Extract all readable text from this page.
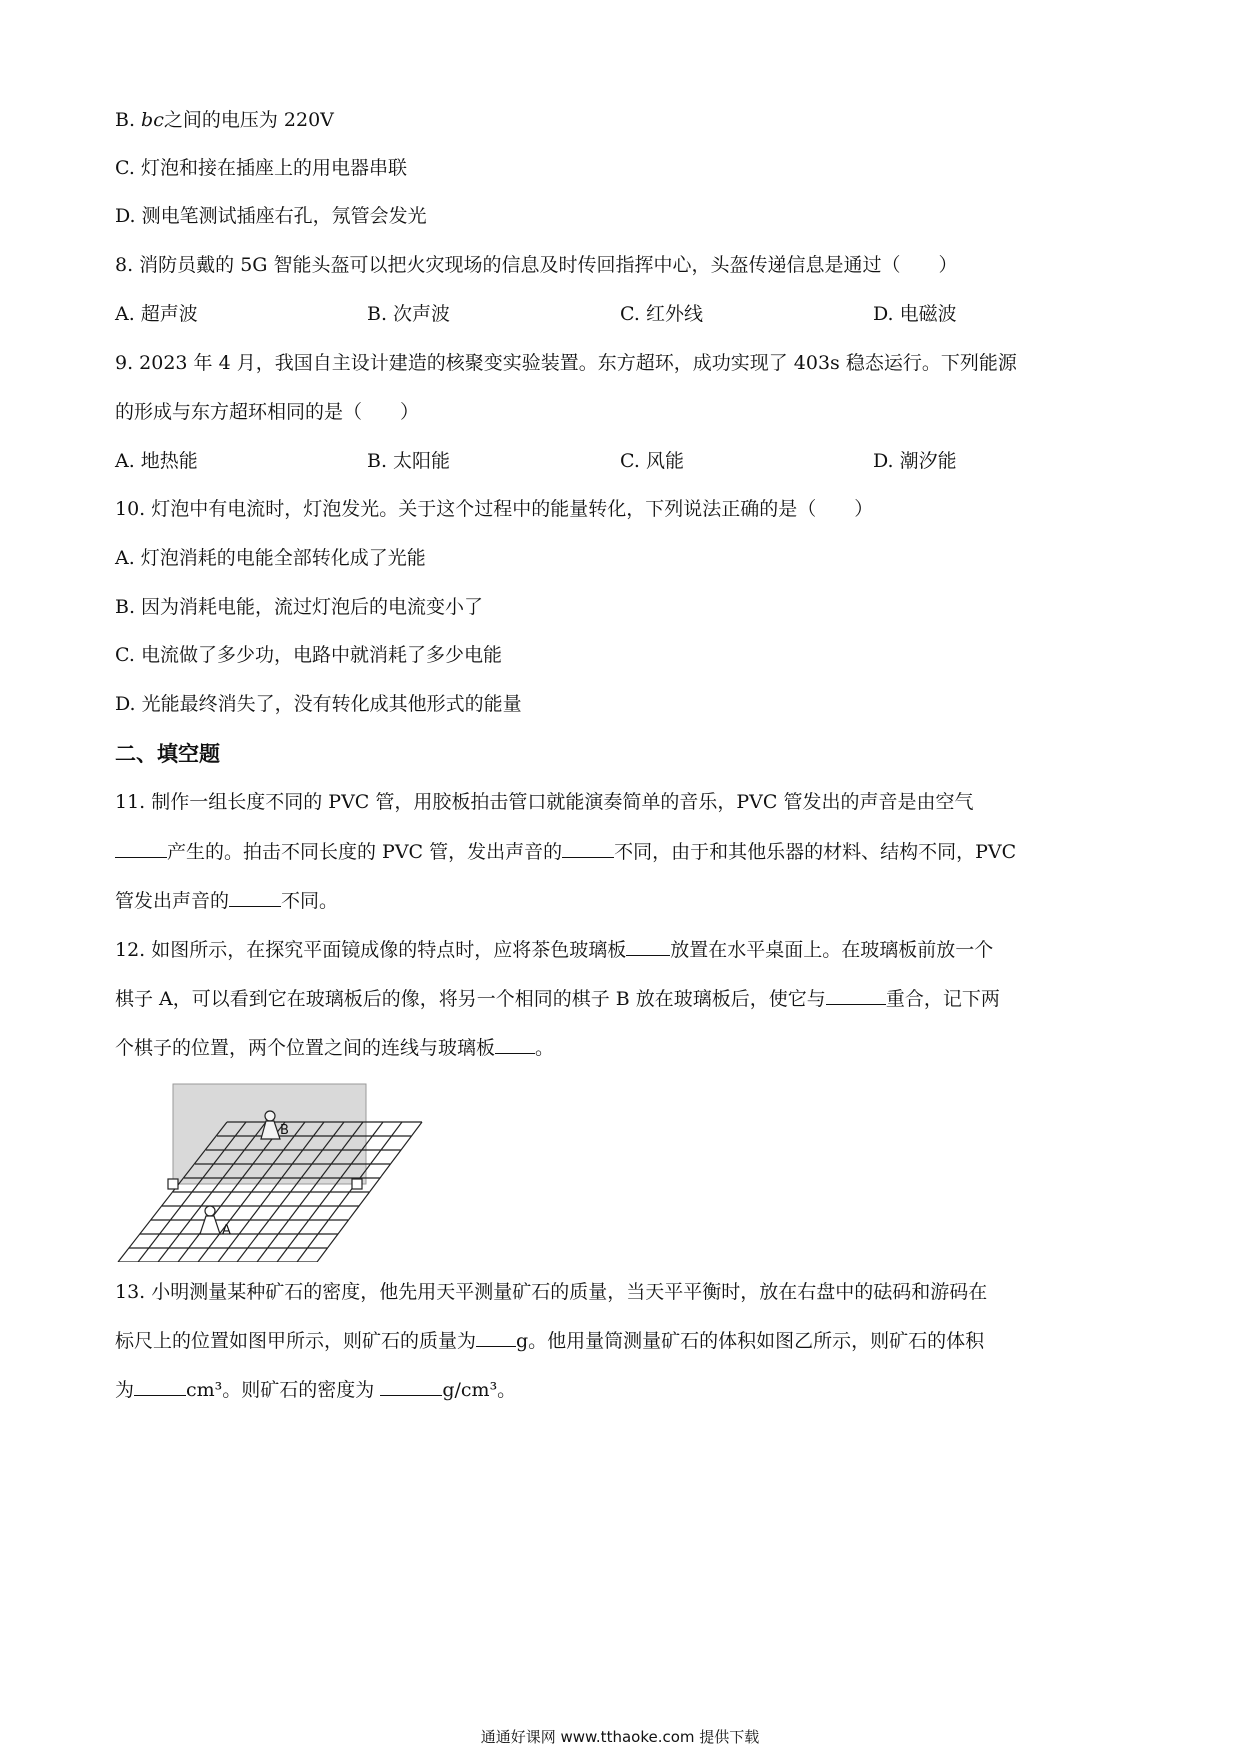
B. bc之间的电压为 220V
C. 灯泡和接在插座上的用电器串联
D. 测电笔测试插座右孔，氖管会发光
8. 消防员戴的 5G 智能头盔可以把火灾现场的信息及时传回指挥中心，头盔传递信息是通过（　　）
A. 超声波	B. 次声波	C. 红外线	D. 电磁波
9. 2023 年 4 月，我国自主设计建造的核聚变实验装置。东方超环，成功实现了 403s 稳态运行。下列能源
的形成与东方超环相同的是（　　）
A. 地热能	B. 太阳能	C. 风能	D. 潮汐能
10. 灯泡中有电流时，灯泡发光。关于这个过程中的能量转化，下列说法正确的是（　　）
A. 灯泡消耗的电能全部转化成了光能
B. 因为消耗电能，流过灯泡后的电流变小了
C. 电流做了多少功，电路中就消耗了多少电能
D. 光能最终消失了，没有转化成其他形式的能量
二、填空题
11. 制作一组长度不同的 PVC 管，用胶板拍击管口就能演奏简单的音乐，PVC 管发出的声音是由空气
产生的。拍击不同长度的 PVC 管，发出声音的	不同，由于和其他乐器的材料、结构不同，PVC
管发出声音的	不同。
12. 如图所示，在探究平面镜成像的特点时，应将茶色玻璃板 放置在水平桌面上。在玻璃板前放一个
棋子 A，可以看到它在玻璃板后的像，将另一个相同的棋子 B 放在玻璃板后，使它与	重合，记下两
个棋子的位置，两个位置之间的连线与玻璃板 。
B
A
13. 小明测量某种矿石的密度，他先用天平测量矿石的质量，当天平平衡时，放在右盘中的砝码和游码在
标尺上的位置如图甲所示，则矿石的质量为 g。他用量筒测量矿石的体积如图乙所示，则矿石的体积
为	cm³。则矿石的密度为	g/cm³。
通通好课网 www.tthaoke.com 提供下载
